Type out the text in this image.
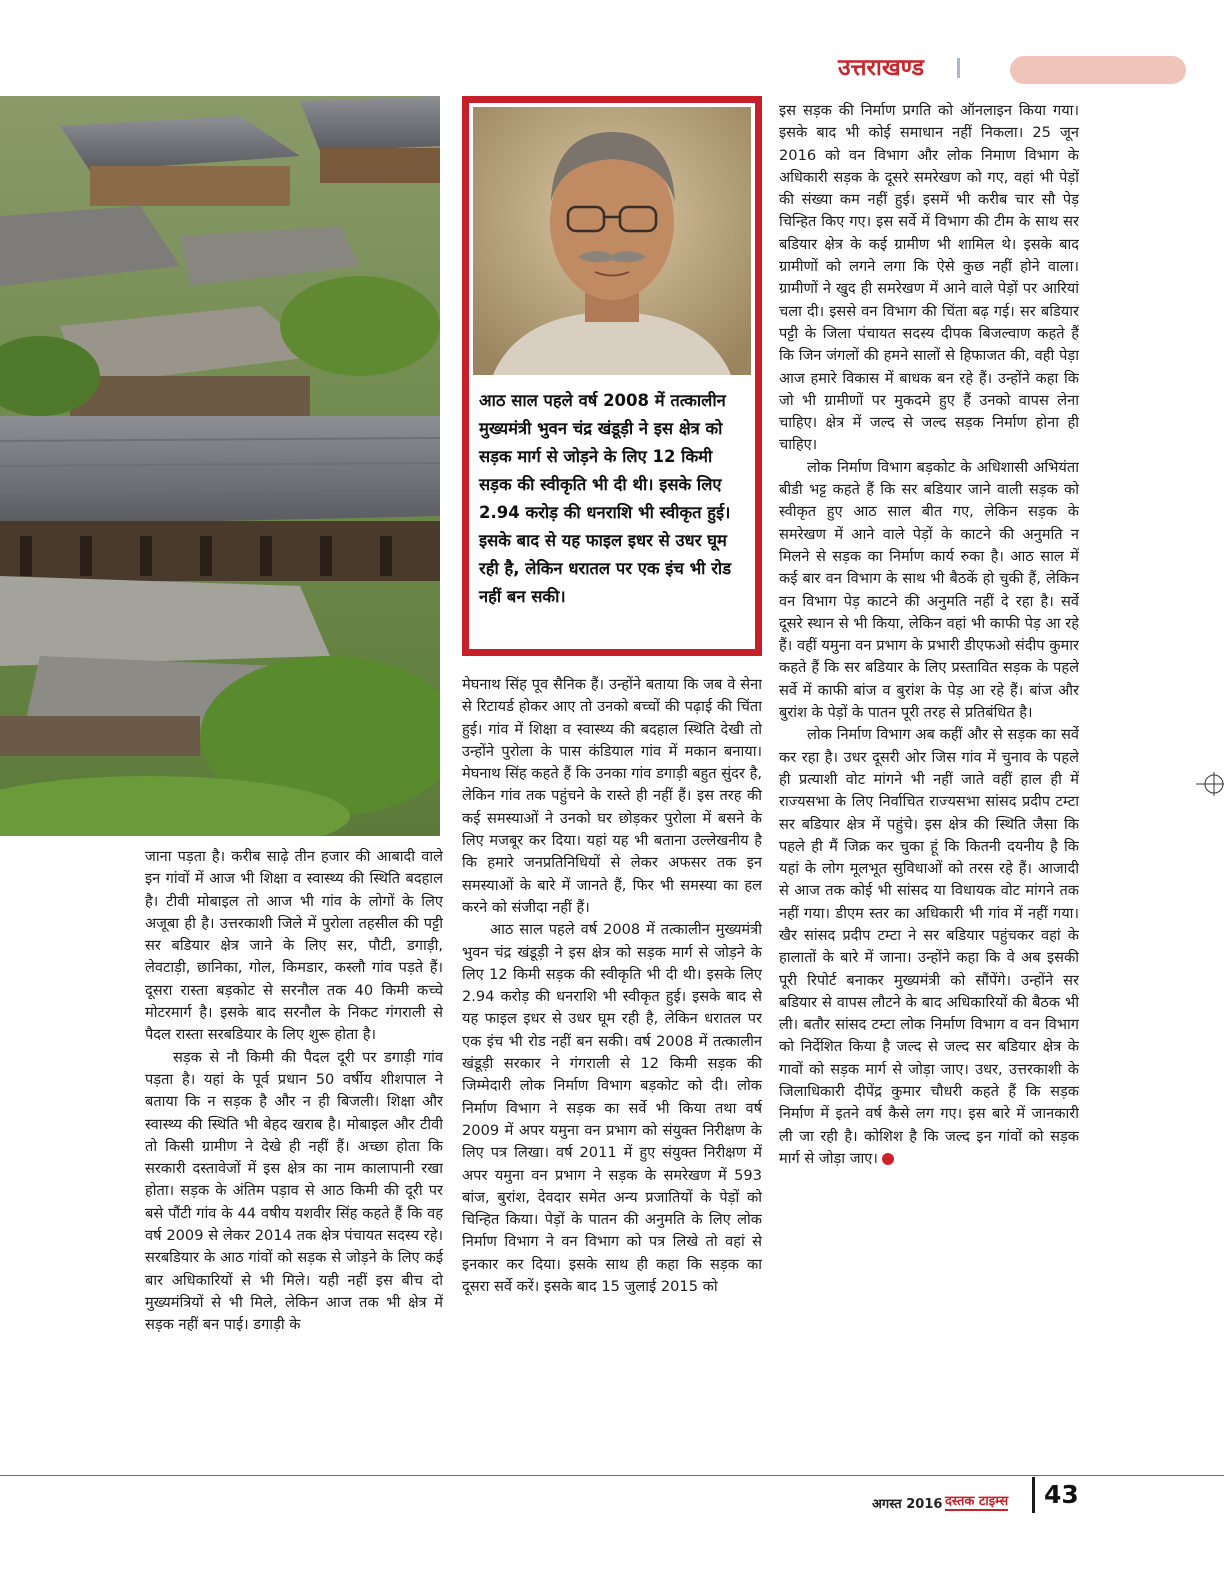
उत्तराखण्ड
आठ साल पहले वर्ष 2008 में तत्कालीन मुख्यमंत्री भुवन चंद्र खंडूड़ी ने इस क्षेत्र को सड़क मार्ग से जोड़ने के लिए 12 किमी सड़क की स्वीकृति भी दी थी। इसके लिए 2.94 करोड़ की धनराशि भी स्वीकृत हुई। इसके बाद से यह फाइल इधर से उधर घूम रही है, लेकिन धरातल पर एक इंच भी रोड नहीं बन सकी।

जाना पड़ता है। करीब साढ़े तीन हजार की आबादी वाले इन गांवों में आज भी शिक्षा व स्वास्थ्य की स्थिति बदहाल है। टीवी मोबाइल तो आज भी गांव के लोगों के लिए अजूबा ही है। उत्तरकाशी जिले में पुरोला तहसील की पट्टी सर बडियार क्षेत्र जाने के लिए सर, पौटी, डगाड़ी, लेवटाड़ी, छानिका, गोल, किमडार, कस्लौ गांव पड़ते हैं। दूसरा रास्ता बड़कोट से सरनौल तक 40 किमी कच्चे मोटरमार्ग है। इसके बाद सरनौल के निकट गंगराली से पैदल रास्ता सरबडियार के लिए शुरू होता है।

सड़क से नौ किमी की पैदल दूरी पर डगाड़ी गांव पड़ता है। यहां के पूर्व प्रधान 50 वर्षीय शीशपाल ने बताया कि न सड़क है और न ही बिजली। शिक्षा और स्वास्थ्य की स्थिति भी बेहद खराब है। मोबाइल और टीवी तो किसी ग्रामीण ने देखे ही नहीं हैं। अच्छा होता कि सरकारी दस्तावेजों में इस क्षेत्र का नाम कालापानी रखा होता। सड़क के अंतिम पड़ाव से आठ किमी की दूरी पर बसे पौंटी गांव के 44 वषीय यशवीर सिंह कहते हैं कि वह वर्ष 2009 से लेकर 2014 तक क्षेत्र पंचायत सदस्य रहे। सरबडियार के आठ गांवों को सड़क से जोड़ने के लिए कई बार अधिकारियों से भी मिले। यही नहीं इस बीच दो मुख्यमंत्रियों से भी मिले, लेकिन आज तक भी क्षेत्र में सड़क नहीं बन पाई। डगाड़ी के

मेघनाथ सिंह पूव सैनिक हैं। उन्होंने बताया कि जब वे सेना से रिटायर्ड होकर आए तो उनको बच्चों की पढ़ाई की चिंता हुई। गांव में शिक्षा व स्वास्थ्य की बदहाल स्थिति देखी तो उन्होंने पुरोला के पास कंडियाल गांव में मकान बनाया। मेघनाथ सिंह कहते हैं कि उनका गांव डगाड़ी बहुत सुंदर है, लेकिन गांव तक पहुंचने के रास्ते ही नहीं हैं। इस तरह की कई समस्याओं ने उनको घर छोड़कर पुरोला में बसने के लिए मजबूर कर दिया। यहां यह भी बताना उल्लेखनीय है कि हमारे जनप्रतिनिधियों से लेकर अफसर तक इन समस्याओं के बारे में जानते हैं, फिर भी समस्या का हल करने को संजीदा नहीं हैं।

आठ साल पहले वर्ष 2008 में तत्कालीन मुख्यमंत्री भुवन चंद्र खंडूड़ी ने इस क्षेत्र को सड़क मार्ग से जोड़ने के लिए 12 किमी सड़क की स्वीकृति भी दी थी। इसके लिए 2.94 करोड़ की धनराशि भी स्वीकृत हुई। इसके बाद से यह फाइल इधर से उधर घूम रही है, लेकिन धरातल पर एक इंच भी रोड नहीं बन सकी। वर्ष 2008 में तत्कालीन खंडूड़ी सरकार ने गंगराली से 12 किमी सड़क की जिम्मेदारी लोक निर्माण विभाग बड़कोट को दी। लोक निर्माण विभाग ने सड़क का सर्वे भी किया तथा वर्ष 2009 में अपर यमुना वन प्रभाग को संयुक्त निरीक्षण के लिए पत्र लिखा। वर्ष 2011 में हुए संयुक्त निरीक्षण में अपर यमुना वन प्रभाग ने सड़क के समरेखण में 593 बांज, बुरांश, देवदार समेत अन्य प्रजातियों के पेड़ों को चिन्हित किया। पेड़ों के पातन की अनुमति के लिए लोक निर्माण विभाग ने वन विभाग को पत्र लिखे तो वहां से इनकार कर दिया। इसके साथ ही कहा कि सड़क का दूसरा सर्वे करें। इसके बाद 15 जुलाई 2015 को

इस सड़क की निर्माण प्रगति को ऑनलाइन किया गया। इसके बाद भी कोई समाधान नहीं निकला। 25 जून 2016 को वन विभाग और लोक निमाण विभाग के अधिकारी सड़क के दूसरे समरेखण को गए, वहां भी पेड़ों की संख्या कम नहीं हुई। इसमें भी करीब चार सौ पेड़ चिन्हित किए गए। इस सर्वे में विभाग की टीम के साथ सर बडियार क्षेत्र के कई ग्रामीण भी शामिल थे। इसके बाद ग्रामीणों को लगने लगा कि ऐसे कुछ नहीं होने वाला। ग्रामीणों ने खुद ही समरेखण में आने वाले पेड़ों पर आरियां चला दी। इससे वन विभाग की चिंता बढ़ गई। सर बडियार पट्टी के जिला पंचायत सदस्य दीपक बिजल्वाण कहते हैं कि जिन जंगलों की हमने सालों से हिफाजत की, वही पेड़ा आज हमारे विकास में बाधक बन रहे हैं। उन्होंने कहा कि जो भी ग्रामीणों पर मुकदमे हुए हैं उनको वापस लेना चाहिए। क्षेत्र में जल्द से जल्द सड़क निर्माण होना ही चाहिए।

लोक निर्माण विभाग बड़कोट के अधिशासी अभियंता बीडी भट्ट कहते हैं कि सर बडियार जाने वाली सड़क को स्वीकृत हुए आठ साल बीत गए, लेकिन सड़क के समरेखण में आने वाले पेड़ों के काटने की अनुमति न मिलने से सड़क का निर्माण कार्य रुका है। आठ साल में कई बार वन विभाग के साथ भी बैठकें हो चुकी हैं, लेकिन वन विभाग पेड़ काटने की अनुमति नहीं दे रहा है। सर्वे दूसरे स्थान से भी किया, लेकिन वहां भी काफी पेड़ आ रहे हैं। वहीं यमुना वन प्रभाग के प्रभारी डीएफओ संदीप कुमार कहते हैं कि सर बडियार के लिए प्रस्तावित सड़क के पहले सर्वे में काफी बांज व बुरांश के पेड़ आ रहे हैं। बांज और बुरांश के पेड़ों के पातन पूरी तरह से प्रतिबंधित है।

लोक निर्माण विभाग अब कहीं और से सड़क का सर्वे कर रहा है। उधर दूसरी ओर जिस गांव में चुनाव के पहले ही प्रत्याशी वोट मांगने भी नहीं जाते वहीं हाल ही में राज्यसभा के लिए निर्वाचित राज्यसभा सांसद प्रदीप टम्टा सर बडियार क्षेत्र में पहुंचे। इस क्षेत्र की स्थिति जैसा कि पहले ही मैं जिक्र कर चुका हूं कि कितनी दयनीय है कि यहां के लोग मूलभूत सुविधाओं को तरस रहे हैं। आजादी से आज तक कोई भी सांसद या विधायक वोट मांगने तक नहीं गया। डीएम स्तर का अधिकारी भी गांव में नहीं गया। खैर सांसद प्रदीप टम्टा ने सर बडियार पहुंचकर वहां के हालातों के बारे में जाना। उन्होंने कहा कि वे अब इसकी पूरी रिपोर्ट बनाकर मुख्यमंत्री को सौंपेंगे। उन्होंने सर बडियार से वापस लौटने के बाद अधिकारियों की बैठक भी ली। बतौर सांसद टम्टा लोक निर्माण विभाग व वन विभाग को निर्देशित किया है जल्द से जल्द सर बडियार क्षेत्र के गावों को सड़क मार्ग से जोड़ा जाए। उधर, उत्तरकाशी के जिलाधिकारी दीपेंद्र कुमार चौधरी कहते हैं कि सड़क निर्माण में इतने वर्ष कैसे लग गए। इस बारे में जानकारी ली जा रही है। कोशिश है कि जल्द इन गांवों को सड़क मार्ग से जोड़ा जाए।

अगस्त 2016 दस्तक टाइम्स 43
